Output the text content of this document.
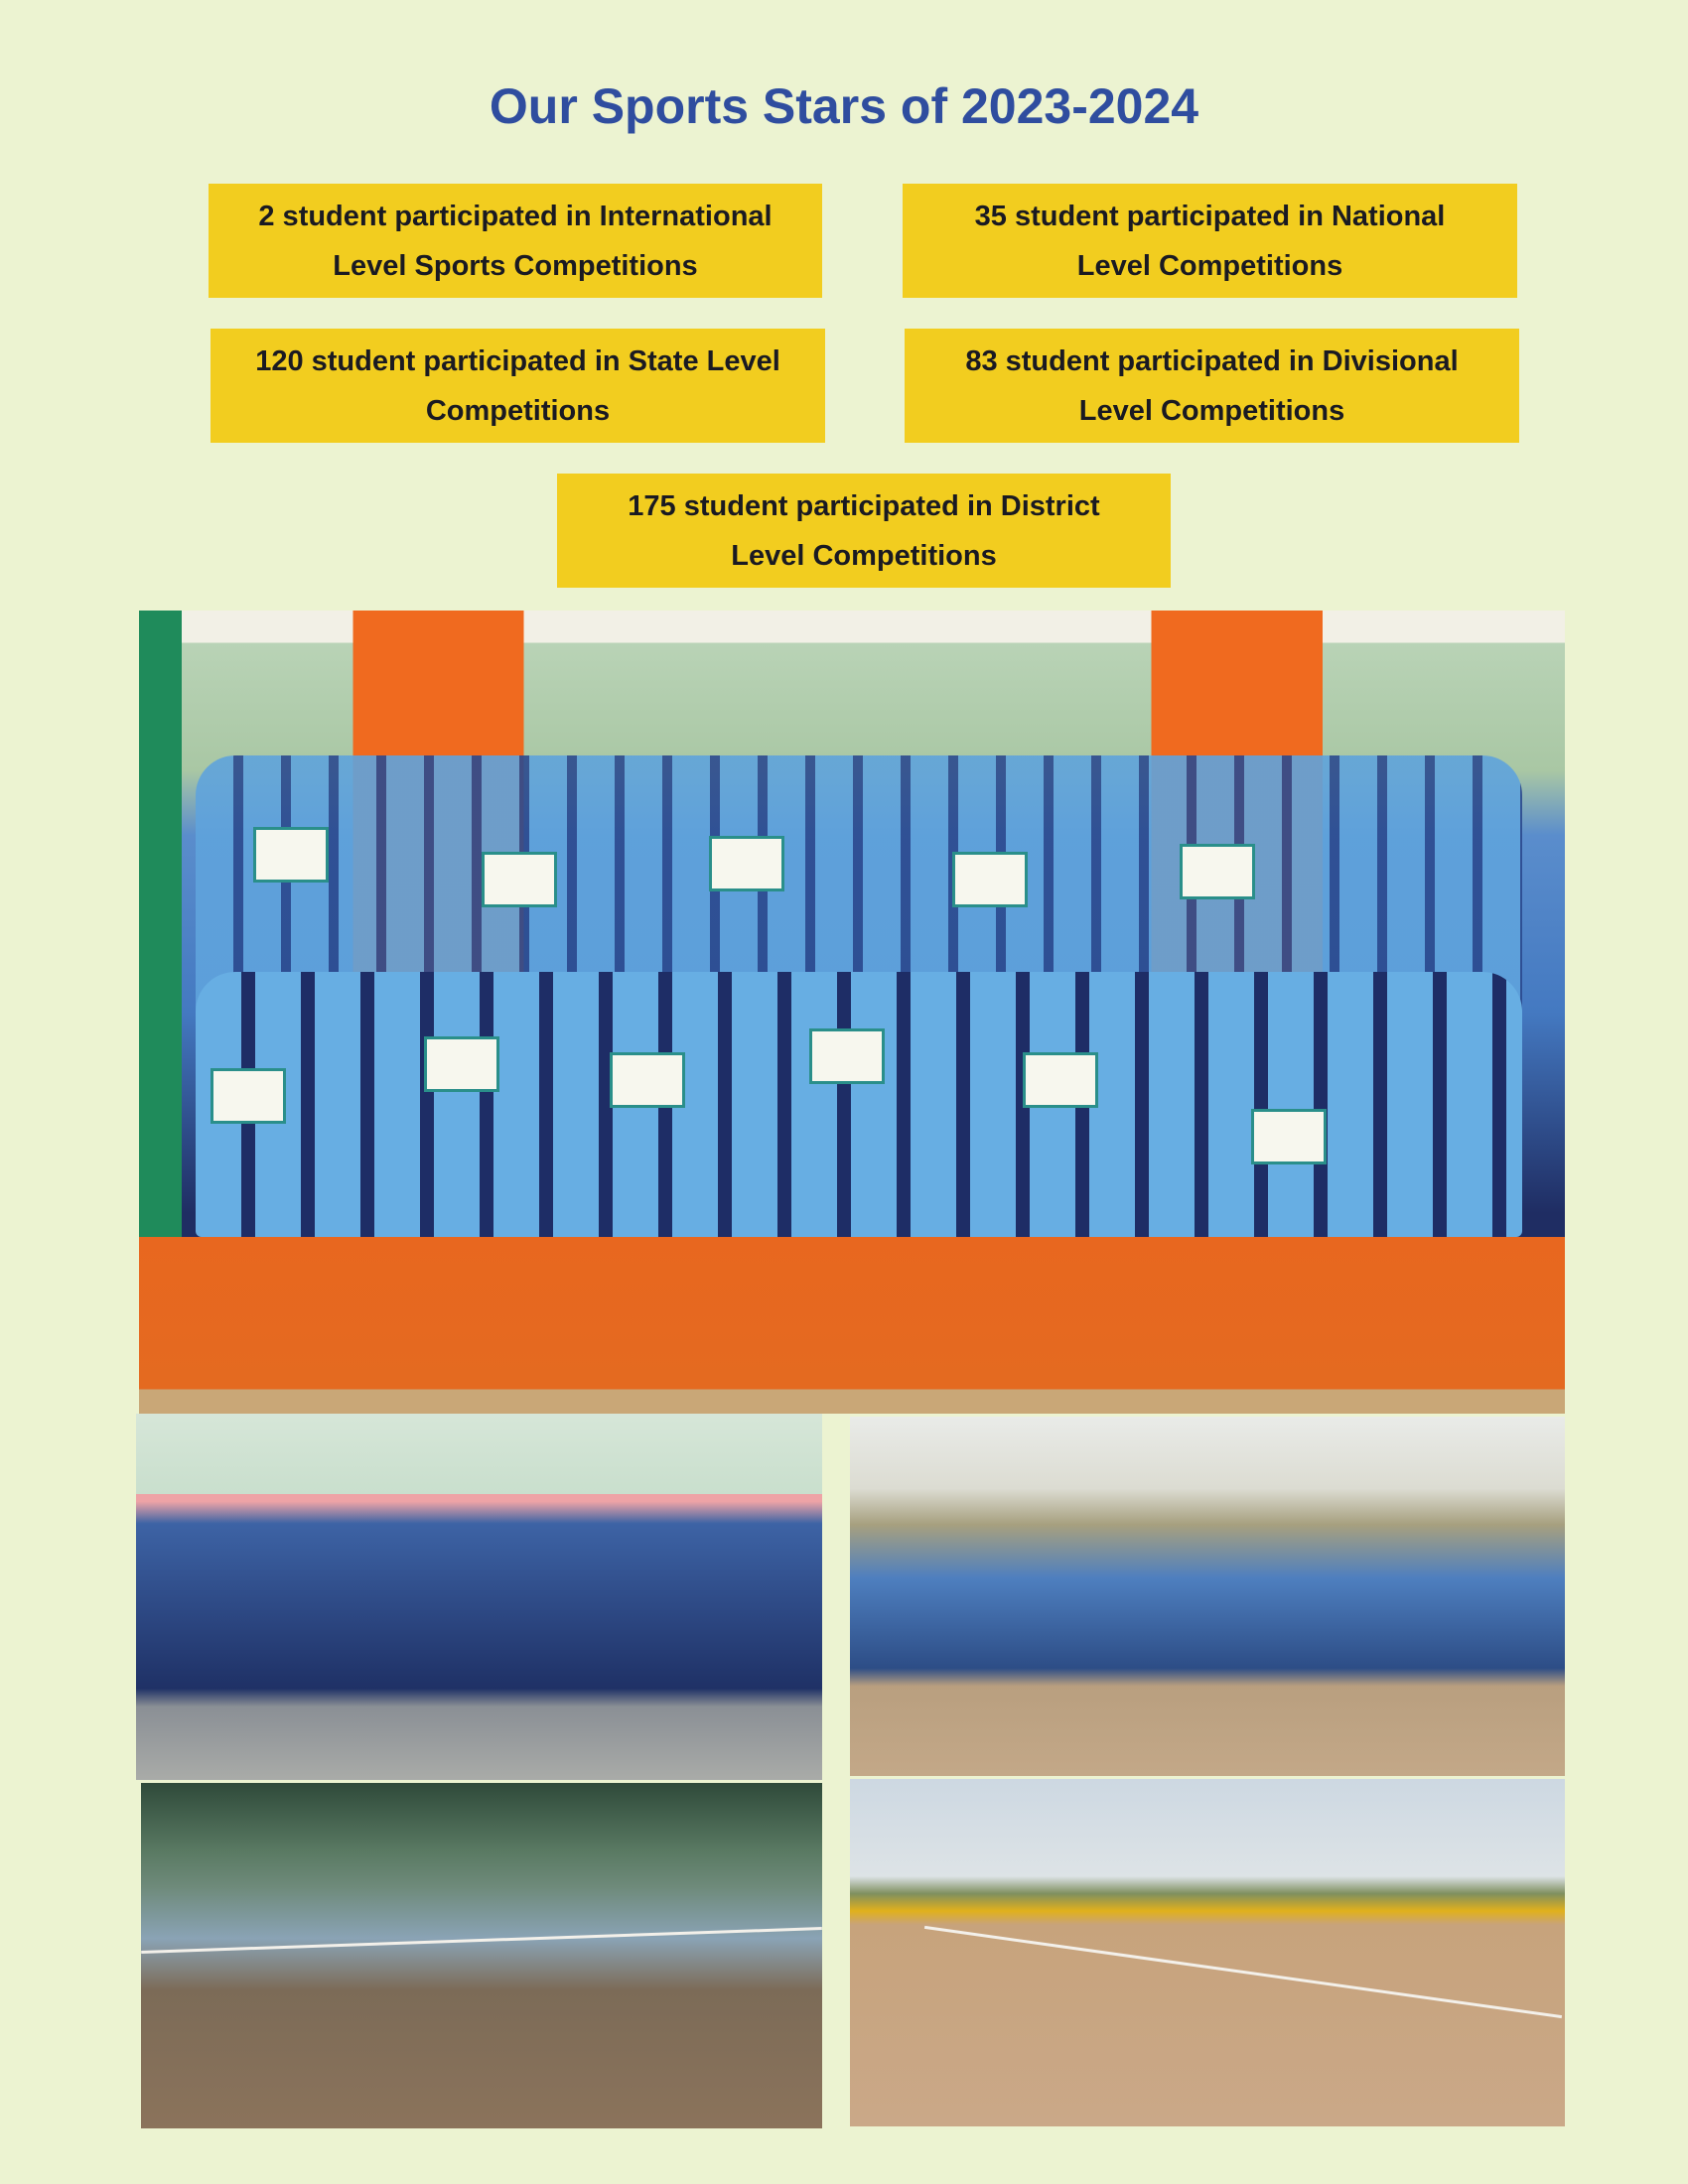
Our Sports Stars of 2023-2024
2 student participated in International
Level Sports Competitions
35 student participated in National
Level Competitions
120 student participated in State Level
Competitions
83 student participated in Divisional
Level Competitions
175 student participated in District
Level Competitions
